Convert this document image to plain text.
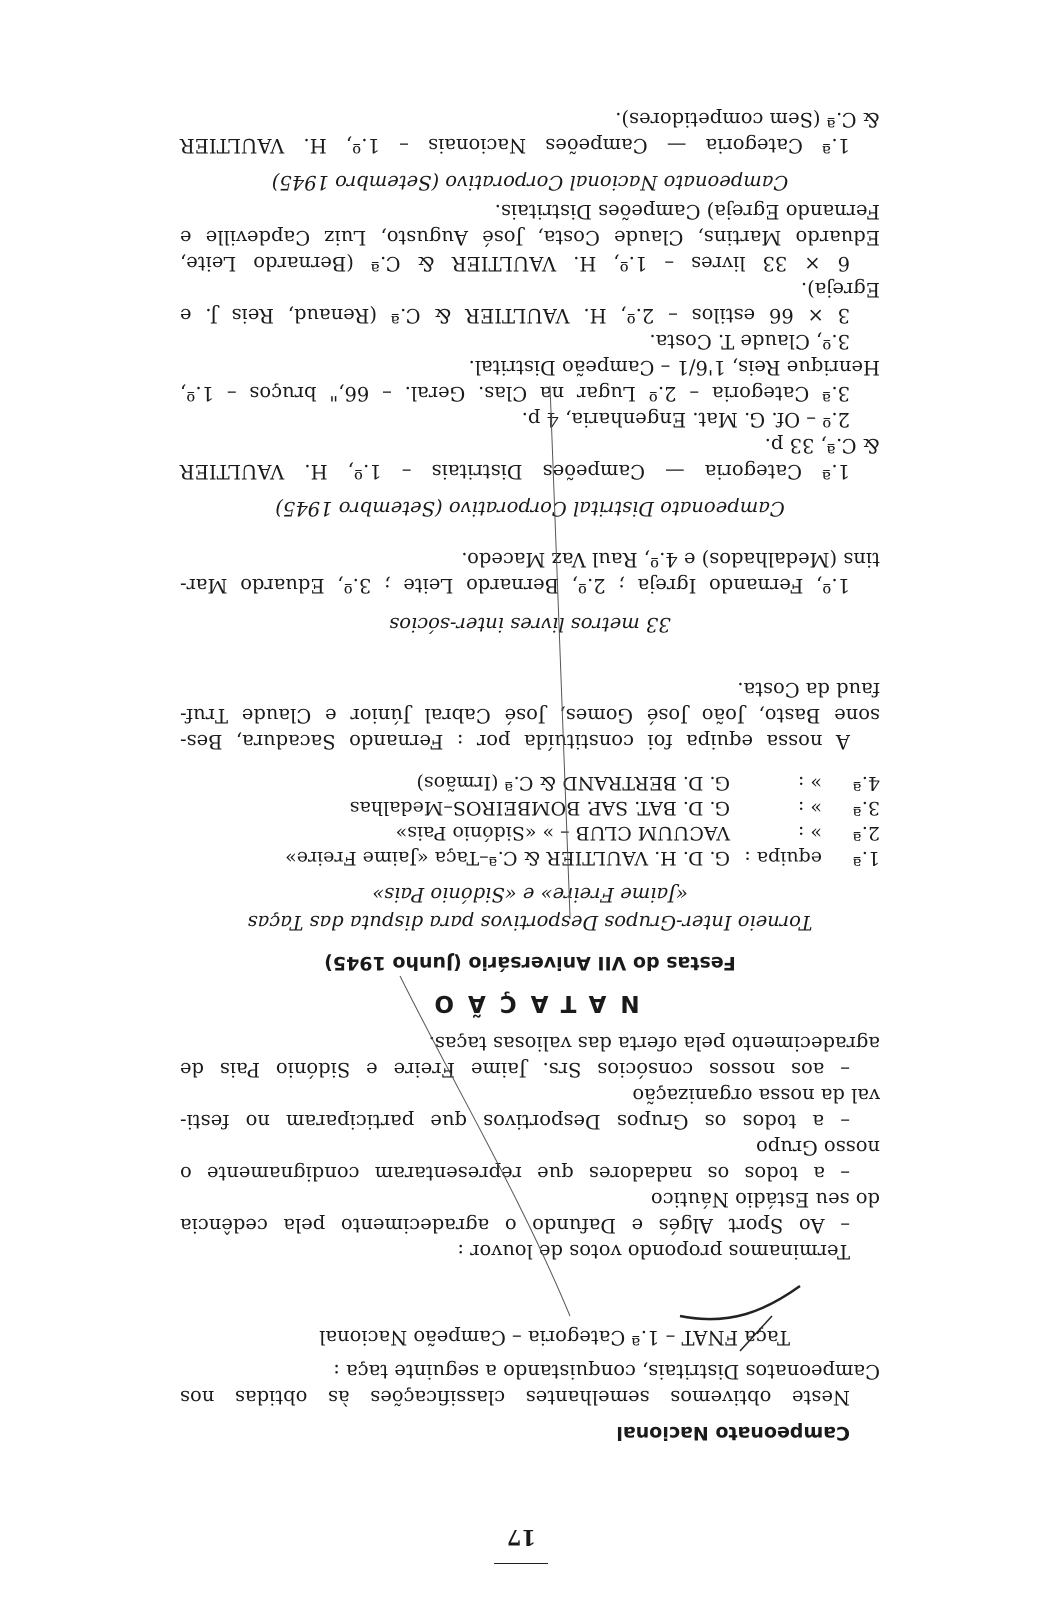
17
Campeonato Nacional

Neste obtivemos semelhantes classificações às obtidas nos

Campeonatos Distritais, conquistando a seguinte taça :

Taça FNAT – 1.ª Categoria – Campeão Nacional

Terminamos propondo votos de louvor :

– Ao Sport Algés e Dafundo o agradecimento pela cedência

do seu Estádio Náutico

– a todos os nadadores que representaram condignamente o

nosso Grupo

– a todos os Grupos Desportivos que participaram no festi-

val da nossa organização

– aos nossos consócios Srs. Jaime Freire e Sidónio Pais de

agradecimento pela oferta das valiosas taças.

NATAÇÃO
Festas do VII Aniversário (Junho 1945)

Torneio Inter-Grupos Desportivos para disputa das Taças

«Jaime Freire» e «Sidónio Pais»

1.ª
equipa :
G. D. H. VAULTIER & C.ª–Taça «Jaime Freire»
2.ª
» :
VACUUM CLUB – » «Sidónio Pais»
3.ª
» :
G. D. BAT. SAP. BOMBEIROS–Medalhas
4.ª
» :
G. D. BERTRAND & C.ª (Irmãos)

A nossa equipa foi constituída por : Fernando Sacadura, Bes-

sone Basto, João José Gomes, José Cabral Júnior e Claude Truf-

faud da Costa.

33 metros livres inter-sócios

1.º, Fernando Igreja ; 2.º, Bernardo Leite ; 3.º, Eduardo Mar-

tins (Medalhados) e 4.º, Raul Vaz Macedo.

Campeonato Distrital Corporativo (Setembro 1945)

1.ª Categoria — Campeões Distritais – 1.º, H. VAULTIER

& C.ª, 33 p.

2.º – Of. G. Mat. Engenharia, 4 p.

3.ª Categoria – 2.º Lugar na Clas. Geral. – 66," bruços – 1.º,

Henrique Reis, 1'6/1 – Campeão Distrital.

3.º, Claude T. Costa.

3 × 66 estilos – 2.º, H. VAULTIER & C.ª (Renaud, Reis J. e

Egreja).

6 × 33 livres – 1.º, H. VAULTIER & C.ª (Bernardo Leite,

Eduardo Martins, Claude Costa, José Augusto, Luiz Capdeville e

Fernando Egreja) Campeões Distritais.

Campeonato Nacional Corporativo (Setembro 1945)

1.ª Categoria — Campeões Nacionais – 1.º, H. VAULTIER

& C.ª (Sem competidores).
